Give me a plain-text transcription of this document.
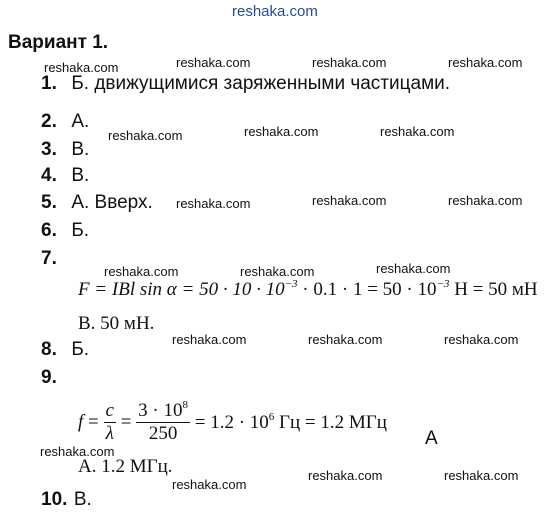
reshaka.com
reshaka.com	reshaka.com	reshaka.com	reshaka.com
reshaka.com	reshaka.com	reshaka.com
reshaka.com	reshaka.com	reshaka.com
reshaka.com	reshaka.com	reshaka.com
reshaka.com	reshaka.com	reshaka.com
reshaka.com
reshaka.com
reshaka.com	reshaka.com
Вариант 1.
1. Б. движущимися заряженными частицами.
2. А.
3. В.
4. В.
5. А. Вверх.
6. Б.
7.
F = IBl $\sin \alpha = 50 \cdot 10 \cdot 10^{-3} \cdot 0.1 \cdot 1 = 50 \cdot 10^{-3}$ Н = 50 мН
В. 50 мН.
8. Б.
9.
$f = \frac{c}{\lambda} = \frac{3 \cdot 10^8}{250} = 1.2 \cdot 10^6$ Гц = 1.2 МГц
А
А. 1.2 МГц.
10. В.
